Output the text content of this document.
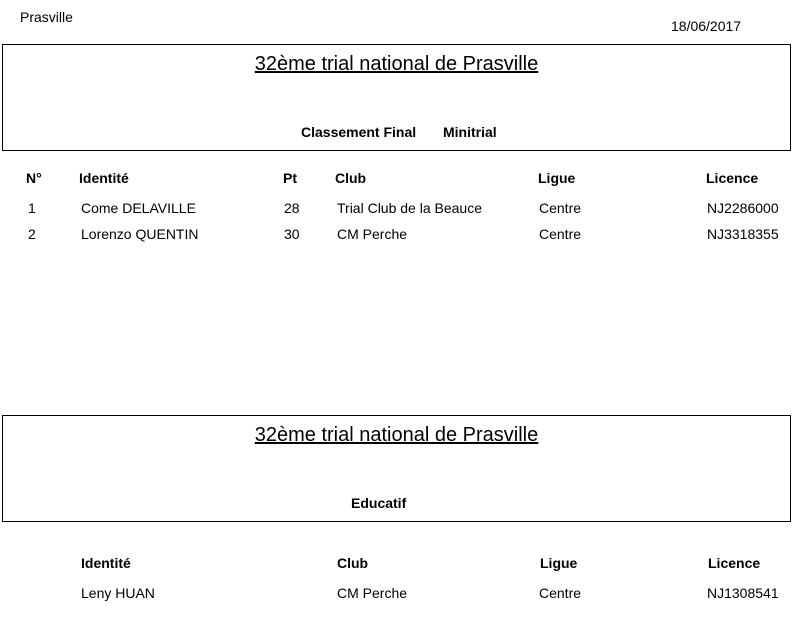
Prasville
18/06/2017
32ème trial national de Prasville
Classement Final Minitrial
N°	Identité	Pt	Club	Ligue	Licence
1	Come DELAVILLE	28	Trial Club de la Beauce	Centre	NJ2286000
2	Lorenzo QUENTIN	30	CM Perche	Centre	NJ3318355
32ème trial national de Prasville
Educatif
Identité	Club	Ligue	Licence
Leny HUAN	CM Perche	Centre	NJ1308541
